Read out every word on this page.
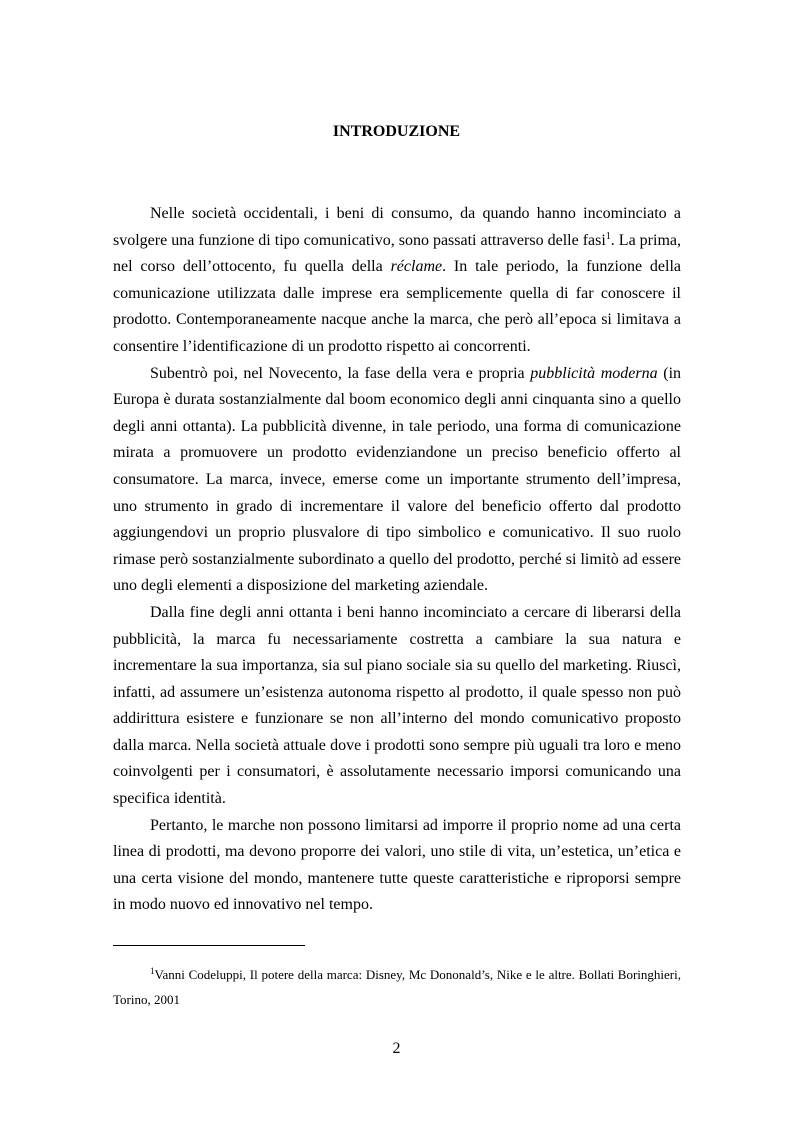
INTRODUZIONE

Nelle società occidentali, i beni di consumo, da quando hanno incominciato a svolgere una funzione di tipo comunicativo, sono passati attraverso delle fasi$^1$. La prima, nel corso dell’ottocento, fu quella della réclame. In tale periodo, la funzione della comunicazione utilizzata dalle imprese era semplicemente quella di far conoscere il prodotto. Contemporaneamente nacque anche la marca, che però all’epoca si limitava a consentire l’identificazione di un prodotto rispetto ai concorrenti.

Subentrò poi, nel Novecento, la fase della vera e propria pubblicità moderna (in Europa è durata sostanzialmente dal boom economico degli anni cinquanta sino a quello degli anni ottanta). La pubblicità divenne, in tale periodo, una forma di comunicazione mirata a promuovere un prodotto evidenziandone un preciso beneficio offerto al consumatore. La marca, invece, emerse come un importante strumento dell’impresa, uno strumento in grado di incrementare il valore del beneficio offerto dal prodotto aggiungendovi un proprio plusvalore di tipo simbolico e comunicativo. Il suo ruolo rimase però sostanzialmente subordinato a quello del prodotto, perché si limitò ad essere uno degli elementi a disposizione del marketing aziendale.

Dalla fine degli anni ottanta i beni hanno incominciato a cercare di liberarsi della pubblicità, la marca fu necessariamente costretta a cambiare la sua natura e incrementare la sua importanza, sia sul piano sociale sia su quello del marketing. Riuscì, infatti, ad assumere un’esistenza autonoma rispetto al prodotto, il quale spesso non può addirittura esistere e funzionare se non all’interno del mondo comunicativo proposto dalla marca. Nella società attuale dove i prodotti sono sempre più uguali tra loro e meno coinvolgenti per i consumatori, è assolutamente necessario imporsi comunicando una specifica identità.

Pertanto, le marche non possono limitarsi ad imporre il proprio nome ad una certa linea di prodotti, ma devono proporre dei valori, uno stile di vita, un’estetica, un’etica e una certa visione del mondo, mantenere tutte queste caratteristiche e riproporsi sempre in modo nuovo ed innovativo nel tempo.

$^1$Vanni Codeluppi, Il potere della marca: Disney, Mc Dononald’s, Nike e le altre. Bollati Boringhieri, Torino, 2001

2
